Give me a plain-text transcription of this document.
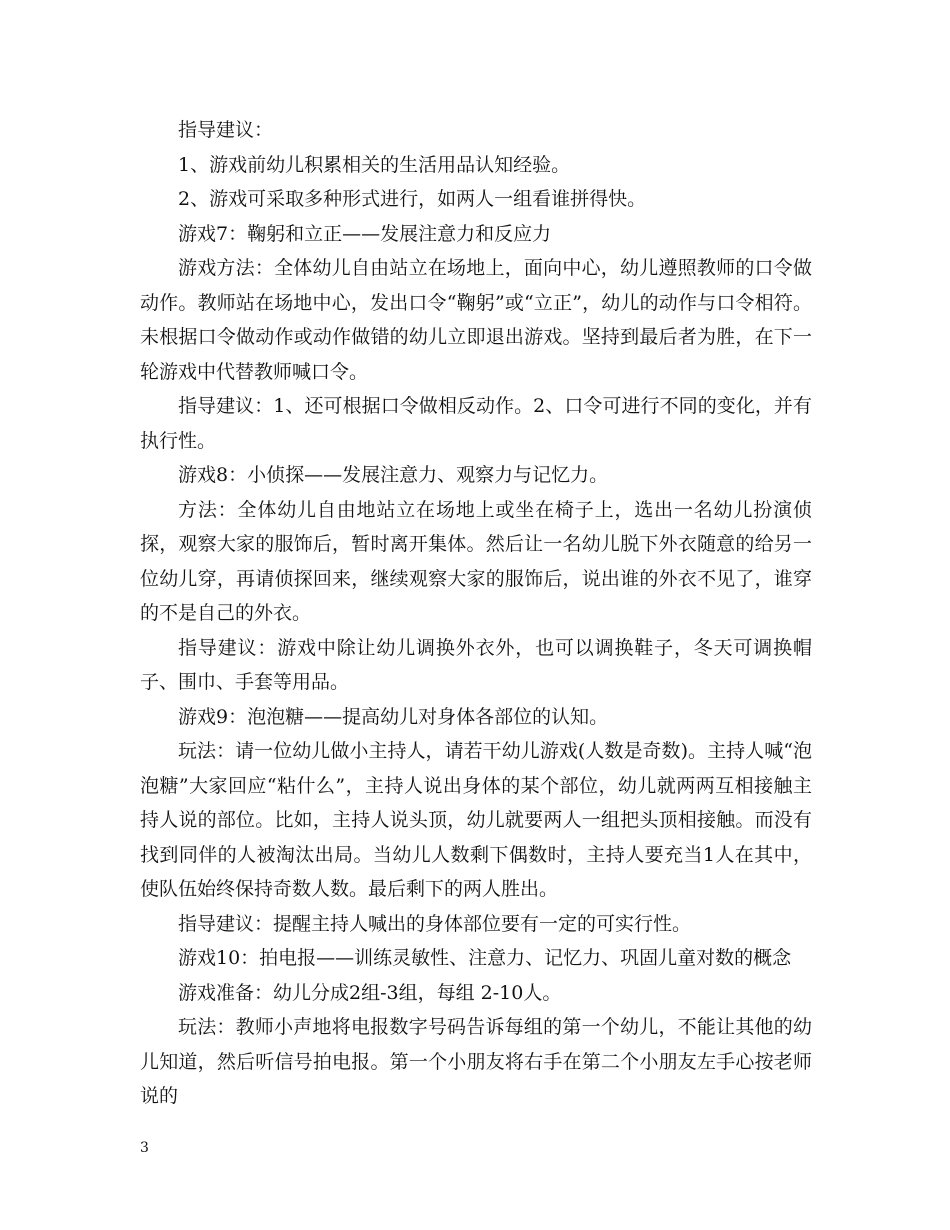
指导建议：

1、游戏前幼儿积累相关的生活用品认知经验。

2、游戏可采取多种形式进行，如两人一组看谁拼得快。

游戏7：鞠躬和立正——发展注意力和反应力

游戏方法：全体幼儿自由站立在场地上，面向中心，幼儿遵照教师的口令做动作。教师站在场地中心，发出口令“鞠躬”或“立正”，幼儿的动作与口令相符。未根据口令做动作或动作做错的幼儿立即退出游戏。坚持到最后者为胜，在下一轮游戏中代替教师喊口令。

指导建议：1、还可根据口令做相反动作。2、口令可进行不同的变化，并有执行性。

游戏8：小侦探——发展注意力、观察力与记忆力。

方法：全体幼儿自由地站立在场地上或坐在椅子上，选出一名幼儿扮演侦探，观察大家的服饰后，暂时离开集体。然后让一名幼儿脱下外衣随意的给另一位幼儿穿，再请侦探回来，继续观察大家的服饰后，说出谁的外衣不见了，谁穿的不是自己的外衣。

指导建议：游戏中除让幼儿调换外衣外，也可以调换鞋子，冬天可调换帽子、围巾、手套等用品。

游戏9：泡泡糖——提高幼儿对身体各部位的认知。

玩法：请一位幼儿做小主持人，请若干幼儿游戏(人数是奇数)。主持人喊“泡泡糖”大家回应“粘什么”，主持人说出身体的某个部位，幼儿就两两互相接触主持人说的部位。比如，主持人说头顶，幼儿就要两人一组把头顶相接触。而没有找到同伴的人被淘汰出局。当幼儿人数剩下偶数时，主持人要充当1人在其中，使队伍始终保持奇数人数。最后剩下的两人胜出。

指导建议：提醒主持人喊出的身体部位要有一定的可实行性。

游戏10：拍电报——训练灵敏性、注意力、记忆力、巩固儿童对数的概念

游戏准备：幼儿分成2组-3组，每组 2-10人。

玩法：教师小声地将电报数字号码告诉每组的第一个幼儿，不能让其他的幼儿知道，然后听信号拍电报。第一个小朋友将右手在第二个小朋友左手心按老师说的

3
